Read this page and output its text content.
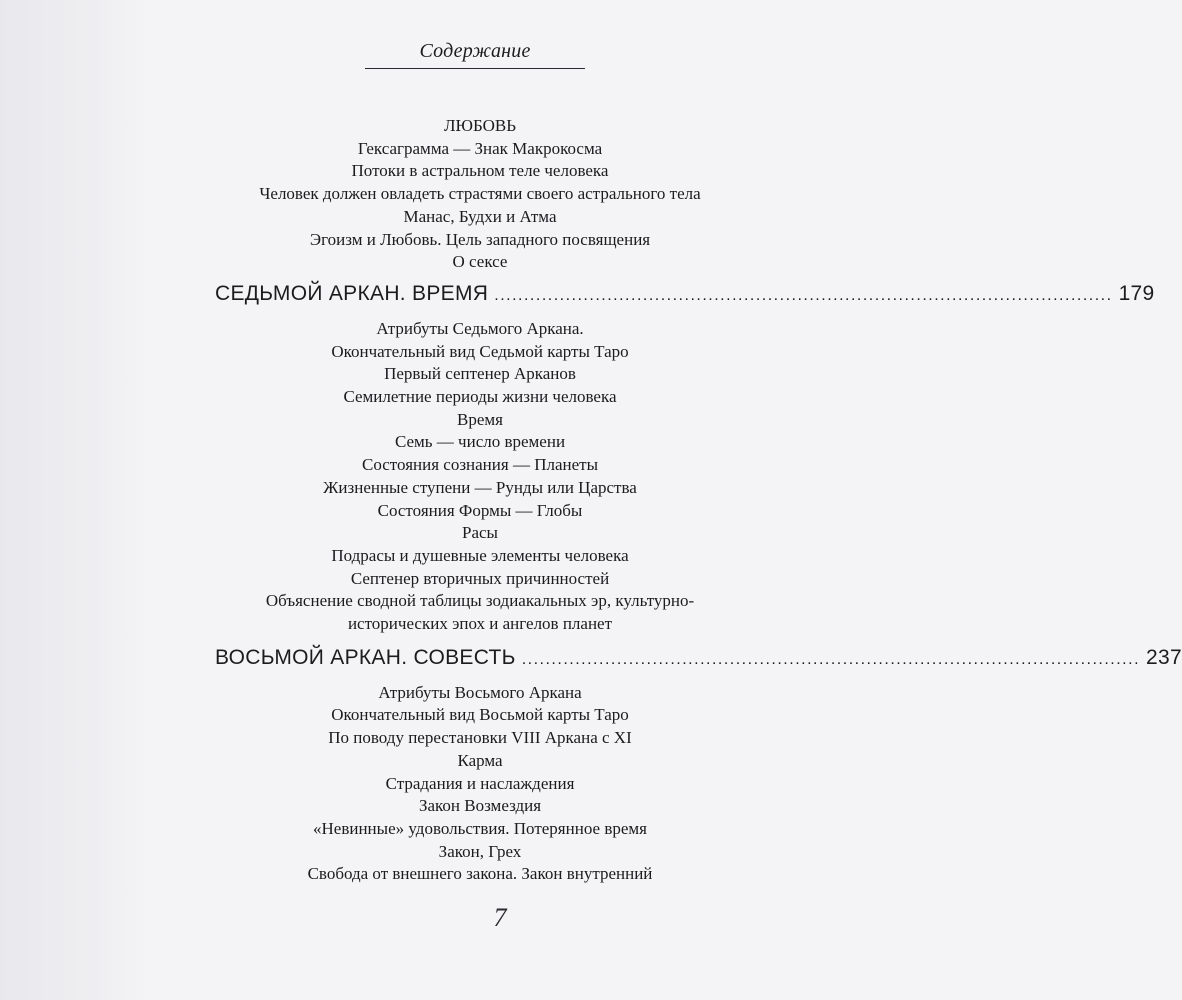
Содержание
ЛЮБОВЬ
Гексаграмма — Знак Макрокосма
Потоки в астральном теле человека
Человек должен овладеть страстями своего астрального тела
Манас, Будхи и Атма
Эгоизм и Любовь. Цель западного посвящения
О сексе
СЕДЬМОЙ АРКАН. ВРЕМЯ ........................................................................................................ 179
Атрибуты Седьмого Аркана.
Окончательный вид Седьмой карты Таро
Первый септенер Арканов
Семилетние периоды жизни человека
Время
Семь — число времени
Состояния сознания — Планеты
Жизненные ступени — Рунды или Царства
Состояния Формы — Глобы
Расы
Подрасы и душевные элементы человека
Септенер вторичных причинностей
Объяснение сводной таблицы зодиакальных эр, культурно-
исторических эпох и ангелов планет
ВОСЬМОЙ АРКАН. СОВЕСТЬ ........................................................................................................ 237
Атрибуты Восьмого Аркана
Окончательный вид Восьмой карты Таро
По поводу перестановки VIII Аркана с XI
Карма
Страдания и наслаждения
Закон Возмездия
«Невинные» удовольствия. Потерянное время
Закон, Грех
Свобода от внешнего закона. Закон внутренний
7
